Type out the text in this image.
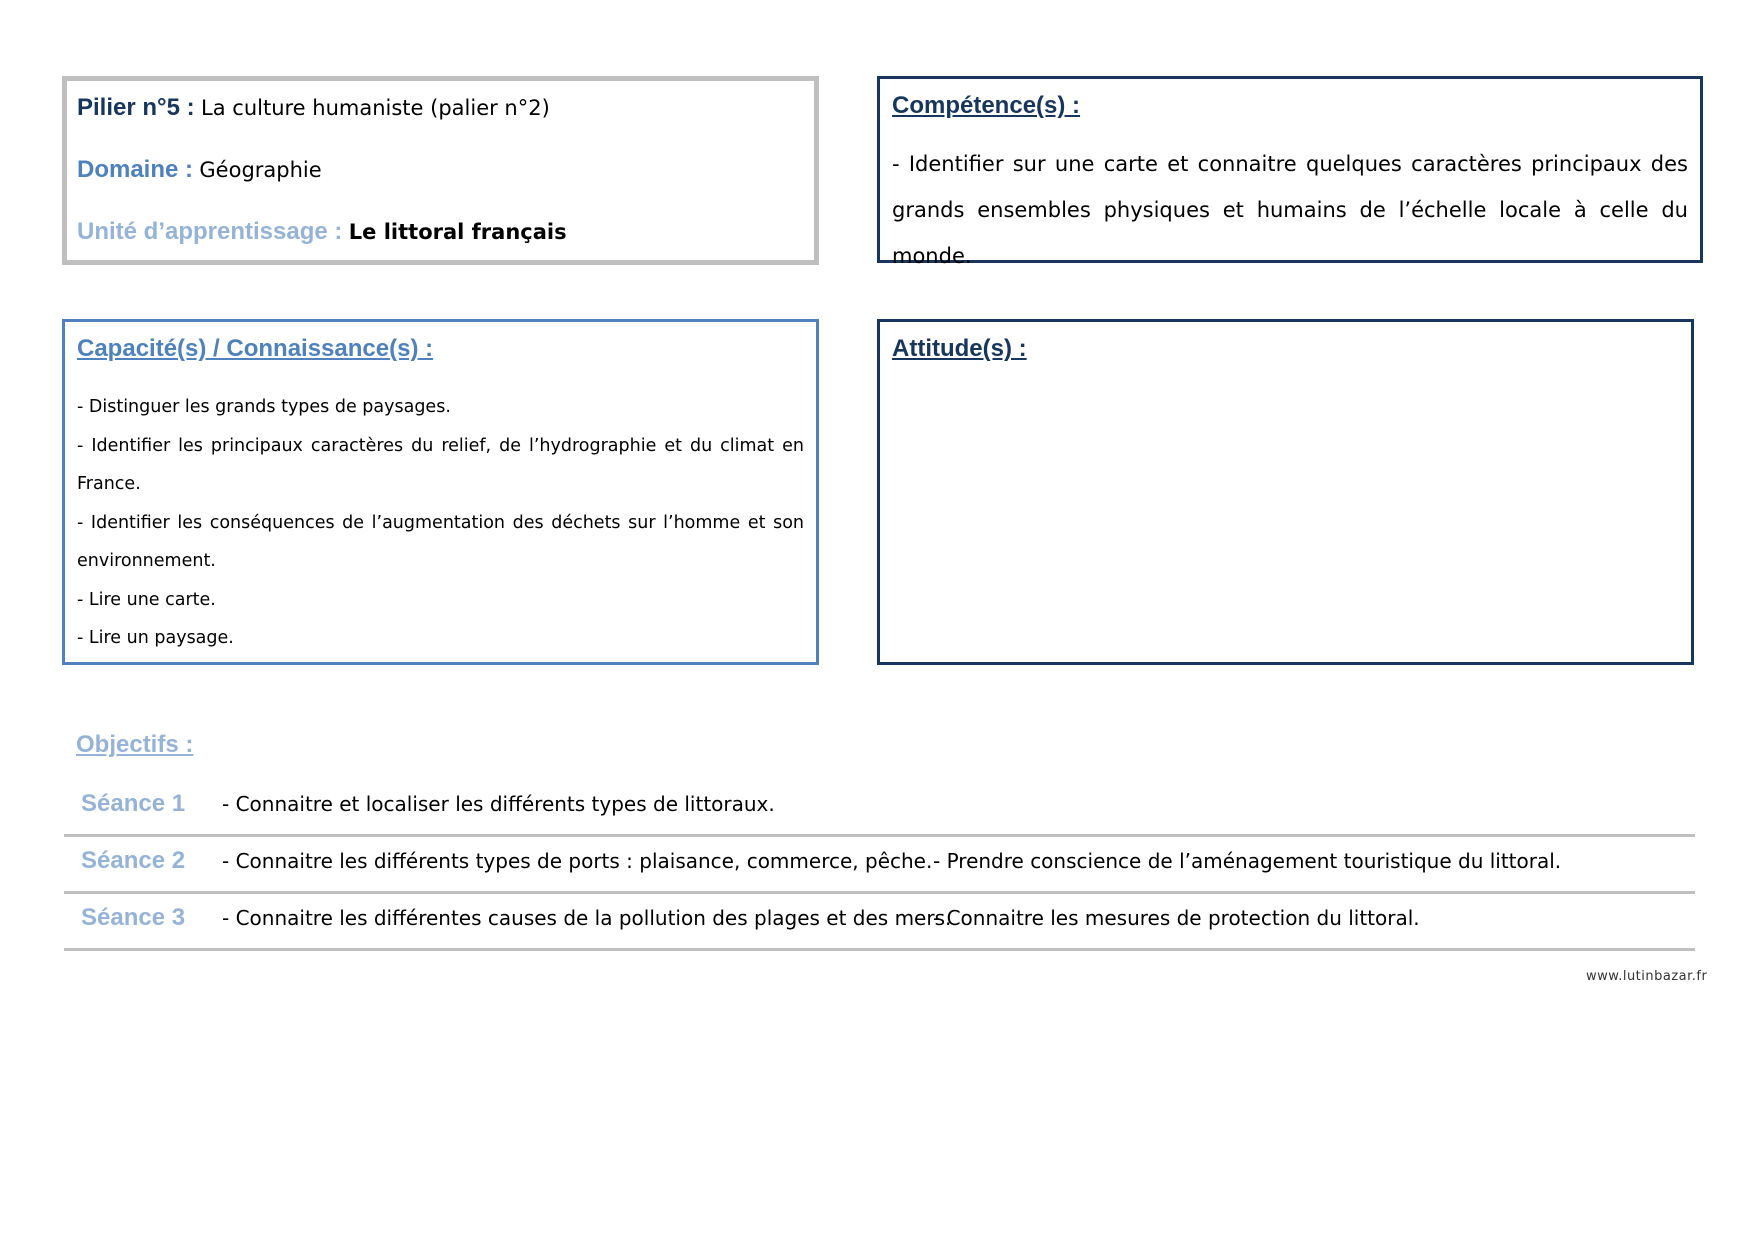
Pilier n°5 : La culture humaniste (palier n°2)
Domaine : Géographie
Unité d’apprentissage : Le littoral français
Compétence(s) :
- Identifier sur une carte et connaitre quelques caractères principaux des grands ensembles physiques et humains de l’échelle locale à celle du monde.
Capacité(s) / Connaissance(s) :
- Distinguer les grands types de paysages.
- Identifier les principaux caractères du relief, de l’hydrographie et du climat en France.
- Identifier les conséquences de l’augmentation des déchets sur l’homme et son environnement.
- Lire une carte.
- Lire un paysage.
Attitude(s) :
Objectifs :
Séance 1 - Connaitre et localiser les différents types de littoraux.
Séance 2 - Connaitre les différents types de ports : plaisance, commerce, pêche. - Prendre conscience de l’aménagement touristique du littoral.
Séance 3 - Connaitre les différentes causes de la pollution des plages et des mers.
- Connaitre les mesures de protection du littoral.
www.lutinbazar.fr
